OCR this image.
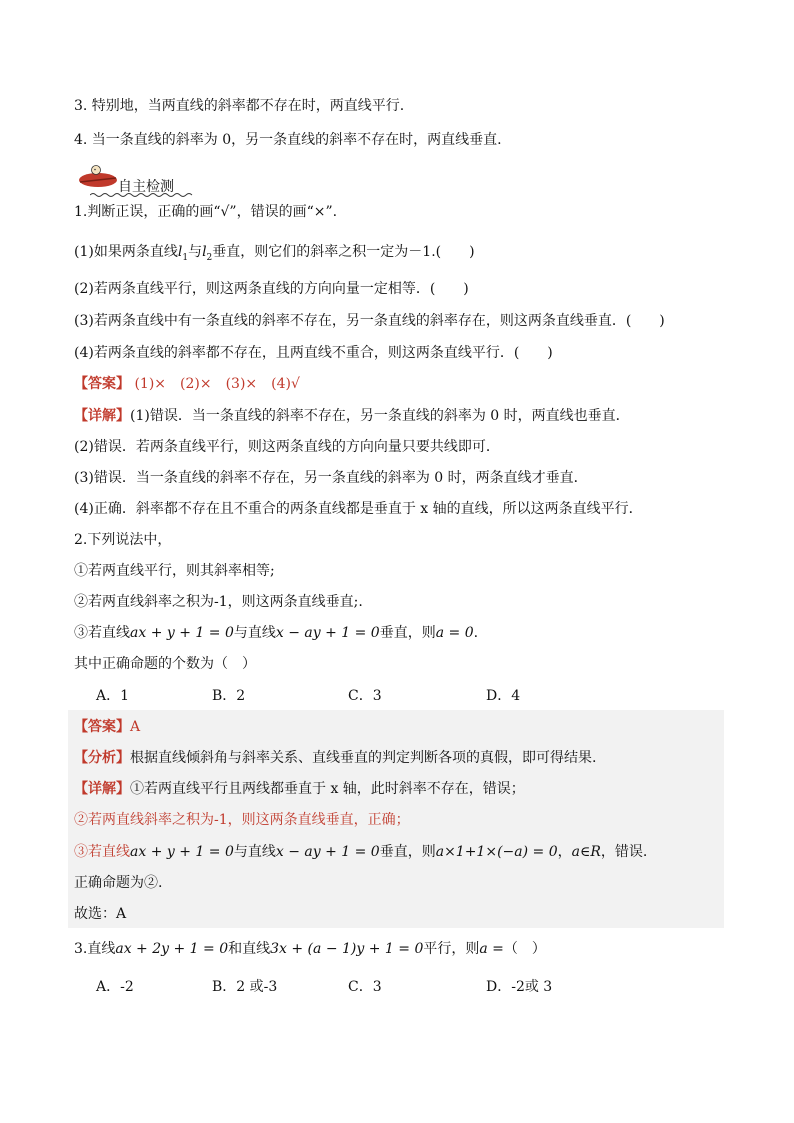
3. 特别地，当两直线的斜率都不存在时，两直线平行.
4. 当一条直线的斜率为 0，另一条直线的斜率不存在时，两直线垂直.
自主检测
1.判断正误，正确的画“√”，错误的画“×”.
(1)如果两条直线$l_1$与$l_2$垂直，则它们的斜率之积一定为－1.(　　)
(2)若两条直线平行，则这两条直线的方向向量一定相等．(　　)
(3)若两条直线中有一条直线的斜率不存在，另一条直线的斜率存在，则这两条直线垂直．(　　)
(4)若两条直线的斜率都不存在，且两直线不重合，则这两条直线平行．(　　)
【答案】 (1)×　(2)×　(3)×　(4)√
【详解】(1)错误．当一条直线的斜率不存在，另一条直线的斜率为 0 时，两直线也垂直．
(2)错误．若两条直线平行，则这两条直线的方向向量只要共线即可．
(3)错误．当一条直线的斜率不存在，另一条直线的斜率为 0 时，两条直线才垂直．
(4)正确．斜率都不存在且不重合的两条直线都是垂直于 x 轴的直线，所以这两条直线平行．
2.下列说法中，
①若两直线平行，则其斜率相等;
②若两直线斜率之积为-1，则这两条直线垂直;.
③若直线ax + y + 1 = 0与直线x − ay + 1 = 0垂直，则a = 0.
其中正确命题的个数为（　）
A．1	B．2	C．3	D．4
【答案】A
【分析】根据直线倾斜角与斜率关系、直线垂直的判定判断各项的真假，即可得结果.
【详解】①若两直线平行且两线都垂直于 x 轴，此时斜率不存在，错误；
②若两直线斜率之积为-1，则这两条直线垂直，正确；
③若直线ax + y + 1 = 0与直线x − ay + 1 = 0垂直，则a×1+1×(−a) = 0，a∈R，错误.
正确命题为②.
故选：A
3.直线ax + 2y + 1 = 0和直线3x + (a − 1)y + 1 = 0平行，则a =（　）
A．-2	B．2 或-3	C．3	D．-2或 3
